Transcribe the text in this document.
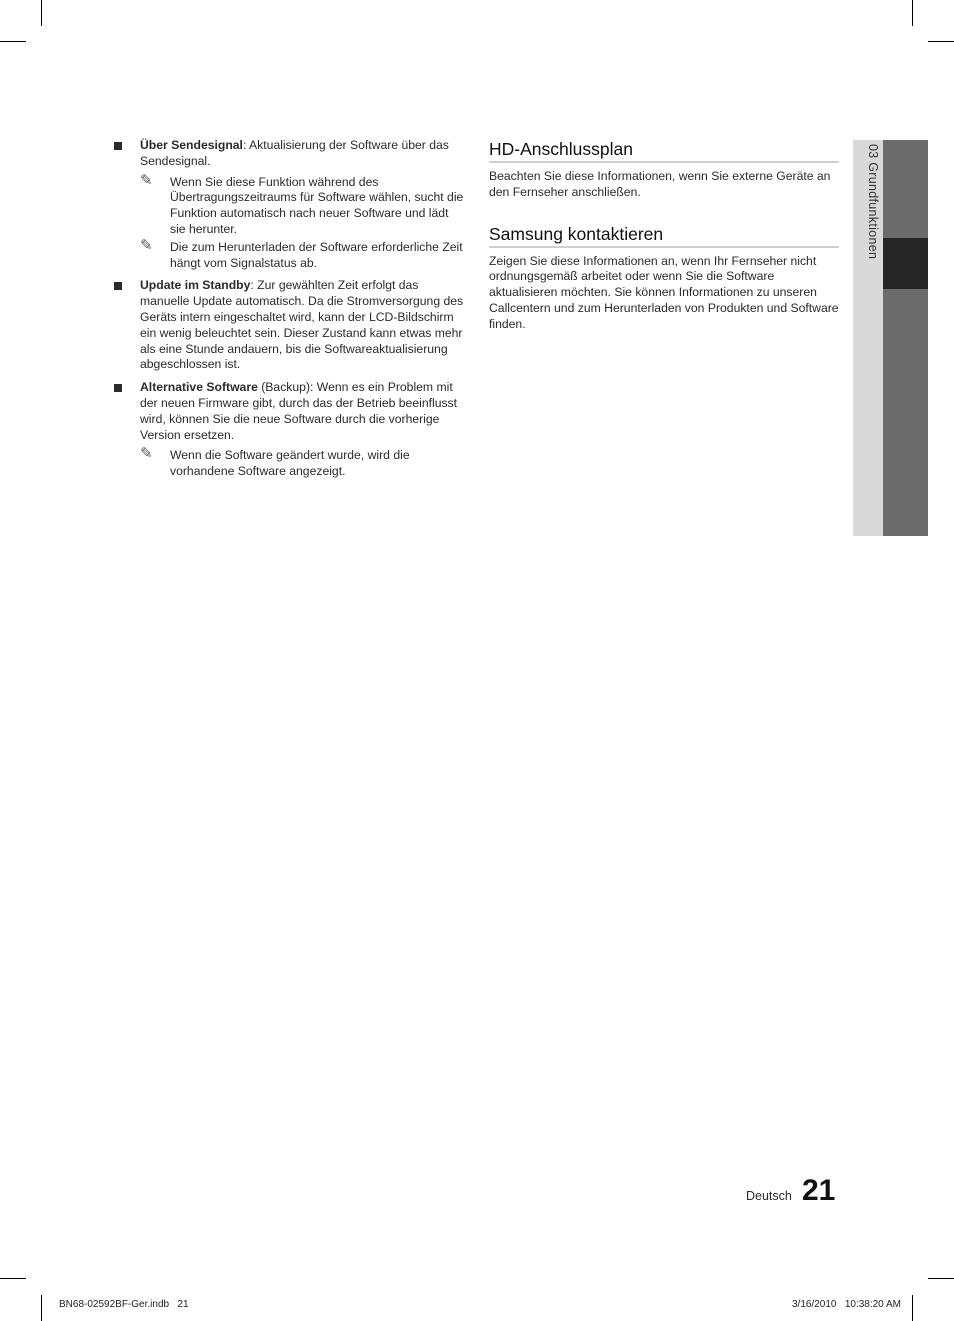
Über Sendesignal: Aktualisierung der Software über das Sendesignal.
✎ Wenn Sie diese Funktion während des Übertragungszeitraums für Software wählen, sucht die Funktion automatisch nach neuer Software und lädt sie herunter.
✎ Die zum Herunterladen der Software erforderliche Zeit hängt vom Signalstatus ab.
Update im Standby: Zur gewählten Zeit erfolgt das manuelle Update automatisch. Da die Stromversorgung des Geräts intern eingeschaltet wird, kann der LCD-Bildschirm ein wenig beleuchtet sein. Dieser Zustand kann etwas mehr als eine Stunde andauern, bis die Softwareaktualisierung abgeschlossen ist.
Alternative Software (Backup): Wenn es ein Problem mit der neuen Firmware gibt, durch das der Betrieb beeinflusst wird, können Sie die neue Software durch die vorherige Version ersetzen.
✎ Wenn die Software geändert wurde, wird die vorhandene Software angezeigt.
HD-Anschlussplan

Beachten Sie diese Informationen, wenn Sie externe Geräte an den Fernseher anschließen.

Samsung kontaktieren

Zeigen Sie diese Informationen an, wenn Ihr Fernseher nicht ordnungsgemäß arbeitet oder wenn Sie die Software aktualisieren möchten. Sie können Informationen zu unseren Callcentern und zum Herunterladen von Produkten und Software finden.

03 Grundfunktionen
Deutsch 21
BN68-02592BF-Ger.indb   21	3/16/2010   10:38:20 AM
